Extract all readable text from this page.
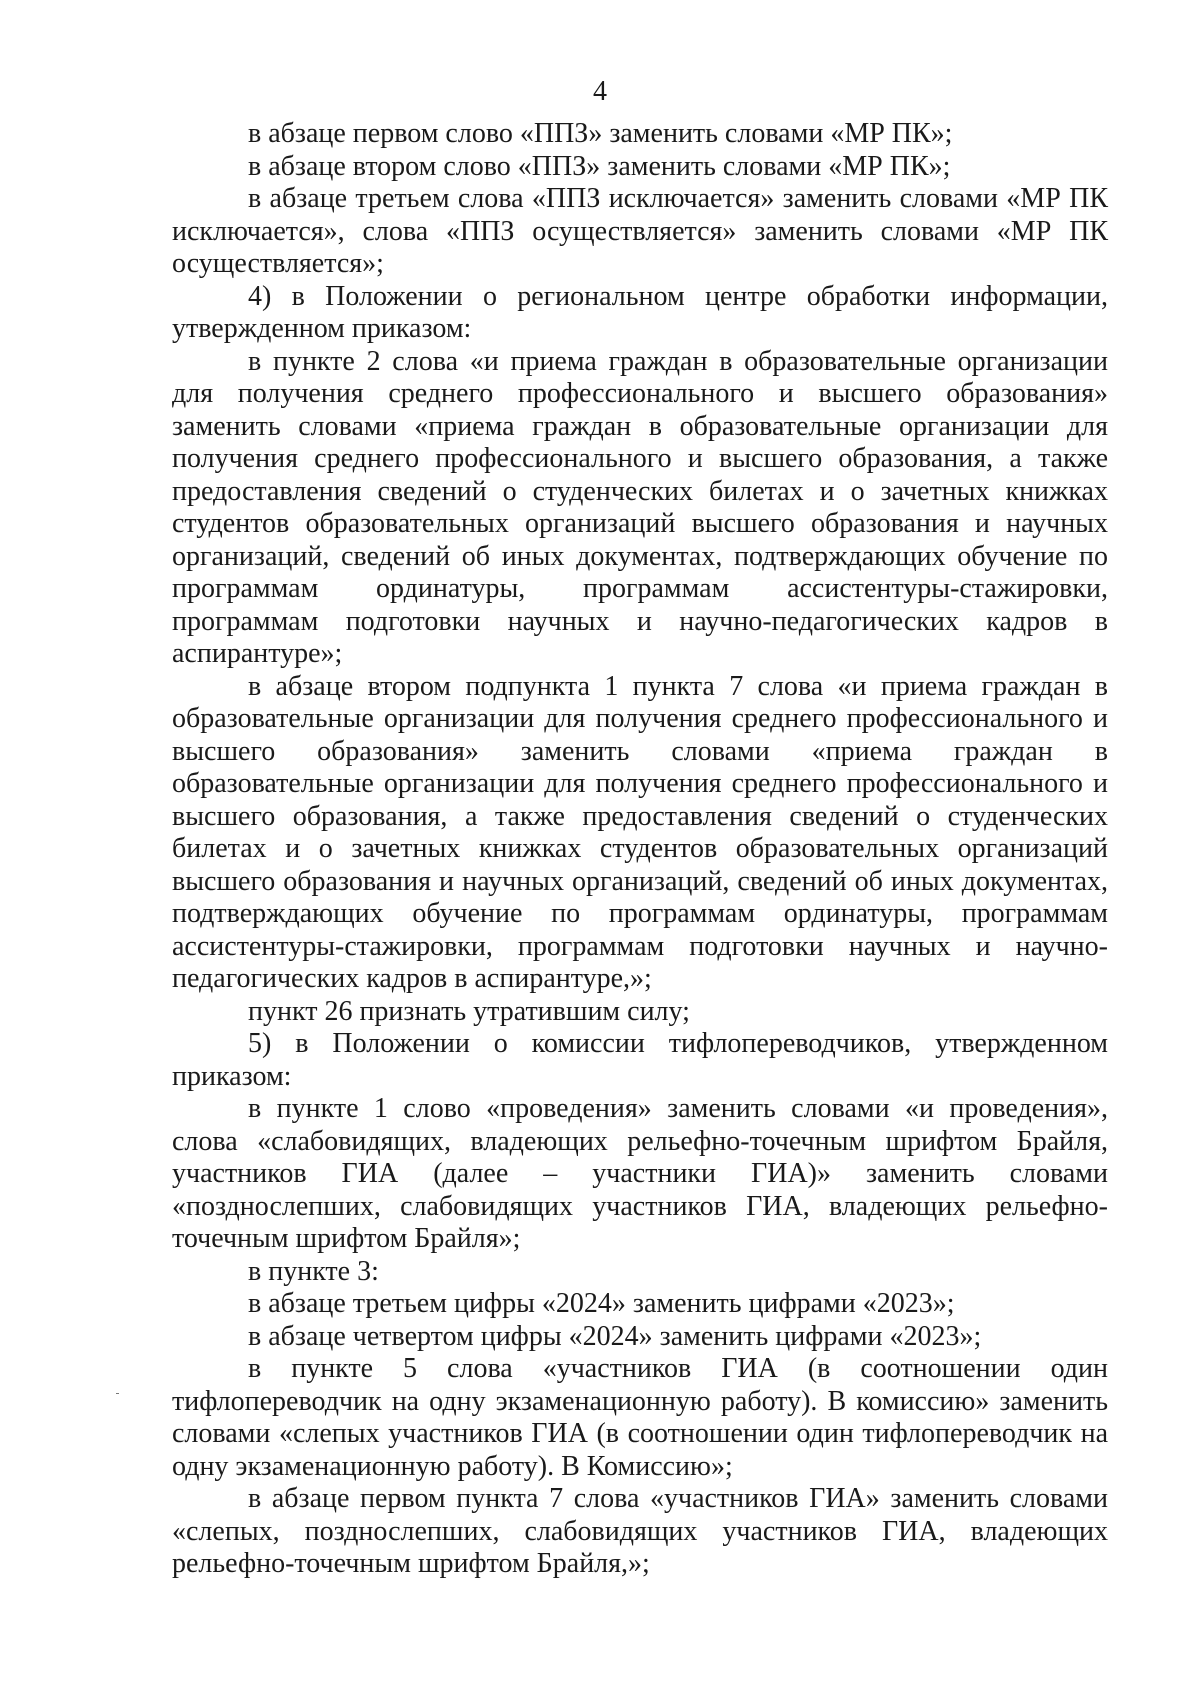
4
в абзаце первом слово «ППЗ» заменить словами «МР ПК»;
в абзаце втором слово «ППЗ» заменить словами «МР ПК»;
в абзаце третьем слова «ППЗ исключается» заменить словами «МР ПК
исключается», слова «ППЗ осуществляется» заменить словами «МР ПК
осуществляется»;
4) в Положении о региональном центре обработки информации,
утвержденном приказом:
в пункте 2 слова «и приема граждан в образовательные организации
для получения среднего профессионального и высшего образования»
заменить словами «приема граждан в образовательные организации для
получения среднего профессионального и высшего образования, а также
предоставления сведений о студенческих билетах и о зачетных книжках
студентов образовательных организаций высшего образования и научных
организаций, сведений об иных документах, подтверждающих обучение по
программам ординатуры, программам ассистентуры-стажировки,
программам подготовки научных и научно-педагогических кадров в
аспирантуре»;
в абзаце втором подпункта 1 пункта 7 слова «и приема граждан в
образовательные организации для получения среднего профессионального и
высшего образования» заменить словами «приема граждан в
образовательные организации для получения среднего профессионального и
высшего образования, а также предоставления сведений о студенческих
билетах и о зачетных книжках студентов образовательных организаций
высшего образования и научных организаций, сведений об иных документах,
подтверждающих обучение по программам ординатуры, программам
ассистентуры-стажировки, программам подготовки научных и научно-
педагогических кадров в аспирантуре,»;
пункт 26 признать утратившим силу;
5) в Положении о комиссии тифлопереводчиков, утвержденном
приказом:
в пункте 1 слово «проведения» заменить словами «и проведения»,
слова «слабовидящих, владеющих рельефно-точечным шрифтом Брайля,
участников ГИА (далее – участники ГИА)» заменить словами
«позднослепших, слабовидящих участников ГИА, владеющих рельефно-
точечным шрифтом Брайля»;
в пункте 3:
в абзаце третьем цифры «2024» заменить цифрами «2023»;
в абзаце четвертом цифры «2024» заменить цифрами «2023»;
в пункте 5 слова «участников ГИА (в соотношении один
тифлопереводчик на одну экзаменационную работу). В комиссию» заменить
словами «слепых участников ГИА (в соотношении один тифлопереводчик на
одну экзаменационную работу). В Комиссию»;
в абзаце первом пункта 7 слова «участников ГИА» заменить словами
«слепых, позднослепших, слабовидящих участников ГИА, владеющих
рельефно-точечным шрифтом Брайля,»;
